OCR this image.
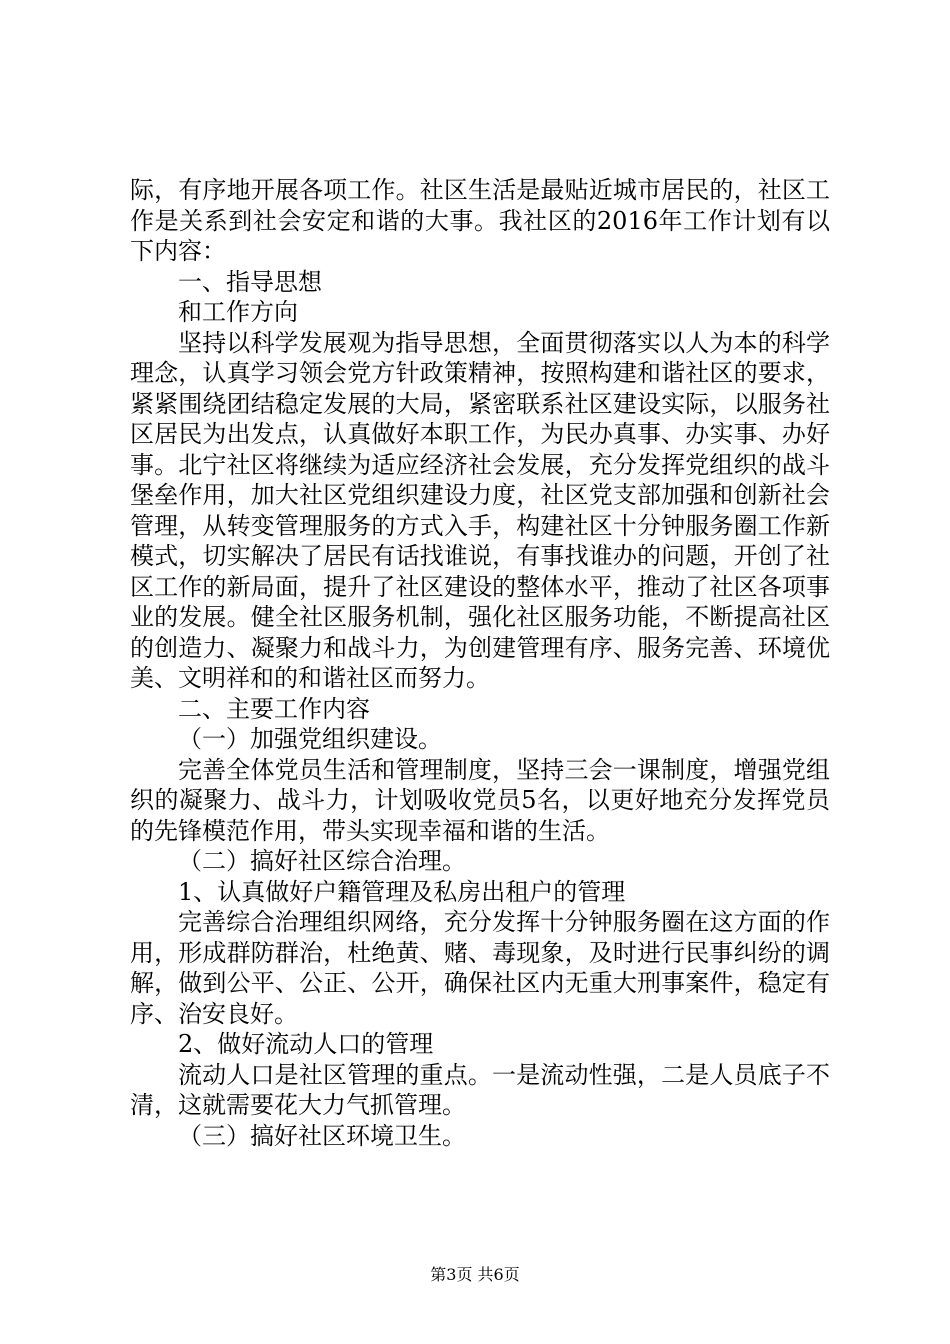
际，有序地开展各项工作。社区生活是最贴近城市居民的，社区工作是关系到社会安定和谐的大事。我社区的2016年工作计划有以下内容：

一、指导思想

和工作方向

坚持以科学发展观为指导思想，全面贯彻落实以人为本的科学理念，认真学习领会党方针政策精神，按照构建和谐社区的要求，紧紧围绕团结稳定发展的大局，紧密联系社区建设实际，以服务社区居民为出发点，认真做好本职工作，为民办真事、办实事、办好事。北宁社区将继续为适应经济社会发展，充分发挥党组织的战斗堡垒作用，加大社区党组织建设力度，社区党支部加强和创新社会管理，从转变管理服务的方式入手，构建社区十分钟服务圈工作新模式，切实解决了居民有话找谁说，有事找谁办的问题，开创了社区工作的新局面，提升了社区建设的整体水平，推动了社区各项事业的发展。健全社区服务机制，强化社区服务功能，不断提高社区的创造力、凝聚力和战斗力，为创建管理有序、服务完善、环境优美、文明祥和的和谐社区而努力。

二、主要工作内容

（一）加强党组织建设。

完善全体党员生活和管理制度，坚持三会一课制度，增强党组织的凝聚力、战斗力，计划吸收党员5名，以更好地充分发挥党员的先锋模范作用，带头实现幸福和谐的生活。

（二）搞好社区综合治理。

1、认真做好户籍管理及私房出租户的管理

完善综合治理组织网络，充分发挥十分钟服务圈在这方面的作用，形成群防群治，杜绝黄、赌、毒现象，及时进行民事纠纷的调解，做到公平、公正、公开，确保社区内无重大刑事案件，稳定有序、治安良好。

2、做好流动人口的管理

流动人口是社区管理的重点。一是流动性强，二是人员底子不清，这就需要花大力气抓管理。

（三）搞好社区环境卫生。

第3页 共6页
